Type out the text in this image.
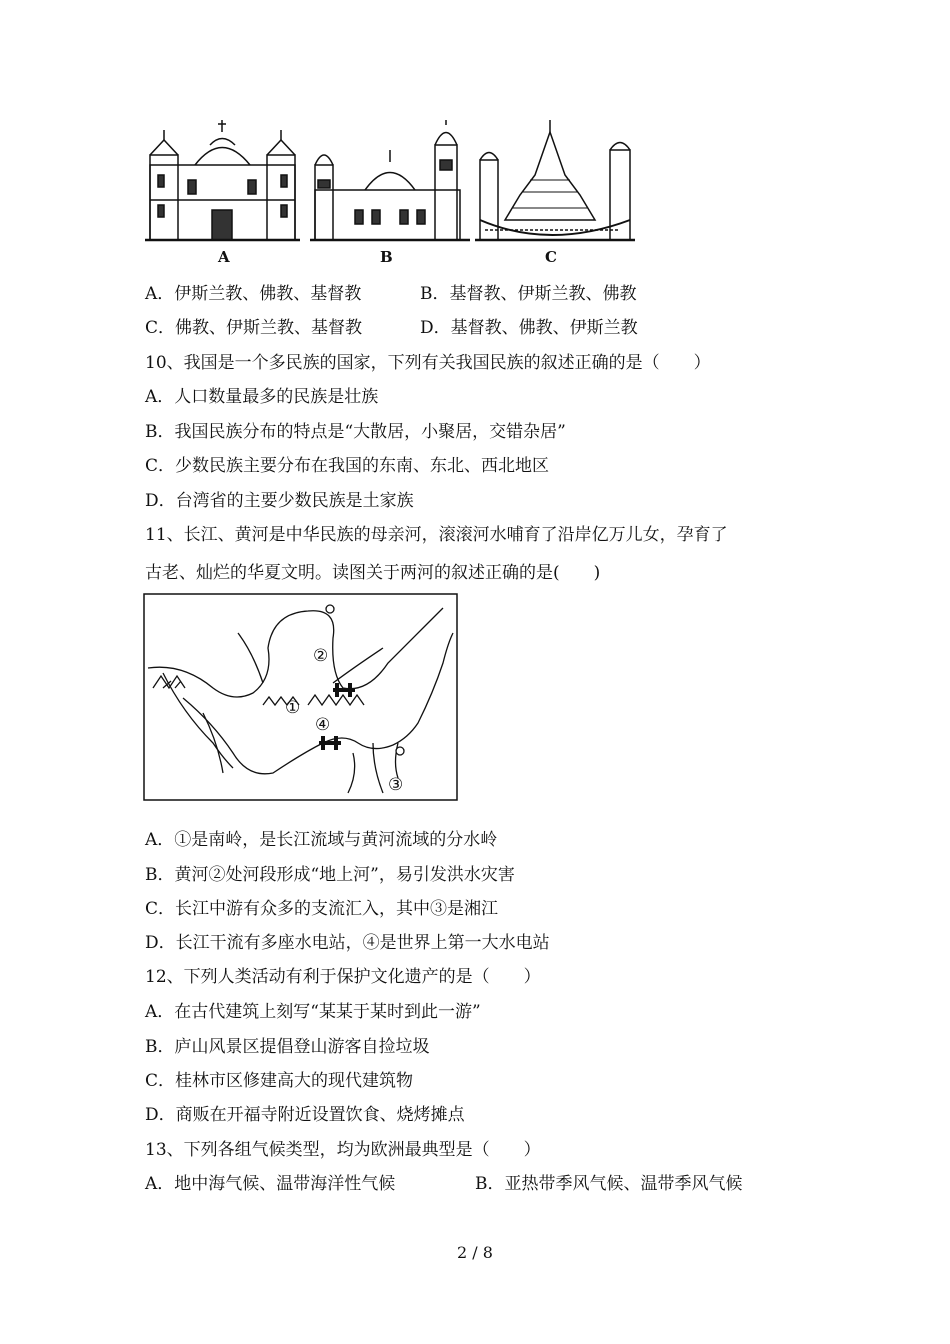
A	B	C
A．伊斯兰教、佛教、基督教	B．基督教、伊斯兰教、佛教
C．佛教、伊斯兰教、基督教	D．基督教、佛教、伊斯兰教
10、我国是一个多民族的国家，下列有关我国民族的叙述正确的是（　　）
A．人口数量最多的民族是壮族
B．我国民族分布的特点是“大散居，小聚居，交错杂居”
C．少数民族主要分布在我国的东南、东北、西北地区
D．台湾省的主要少数民族是土家族
11、长江、黄河是中华民族的母亲河，滚滚河水哺育了沿岸亿万儿女，孕育了
古老、灿烂的华夏文明。读图关于两河的叙述正确的是(　　)
①
②
③
④
A．①是南岭，是长江流域与黄河流域的分水岭
B．黄河②处河段形成“地上河”，易引发洪水灾害
C．长江中游有众多的支流汇入，其中③是湘江
D．长江干流有多座水电站，④是世界上第一大水电站
12、下列人类活动有利于保护文化遗产的是（　　）
A．在古代建筑上刻写“某某于某时到此一游”
B．庐山风景区提倡登山游客自捡垃圾
C．桂林市区修建高大的现代建筑物
D．商贩在开福寺附近设置饮食、烧烤摊点
13、下列各组气候类型，均为欧洲最典型是（　　）
A．地中海气候、温带海洋性气候	B．亚热带季风气候、温带季风气候
2 / 8
